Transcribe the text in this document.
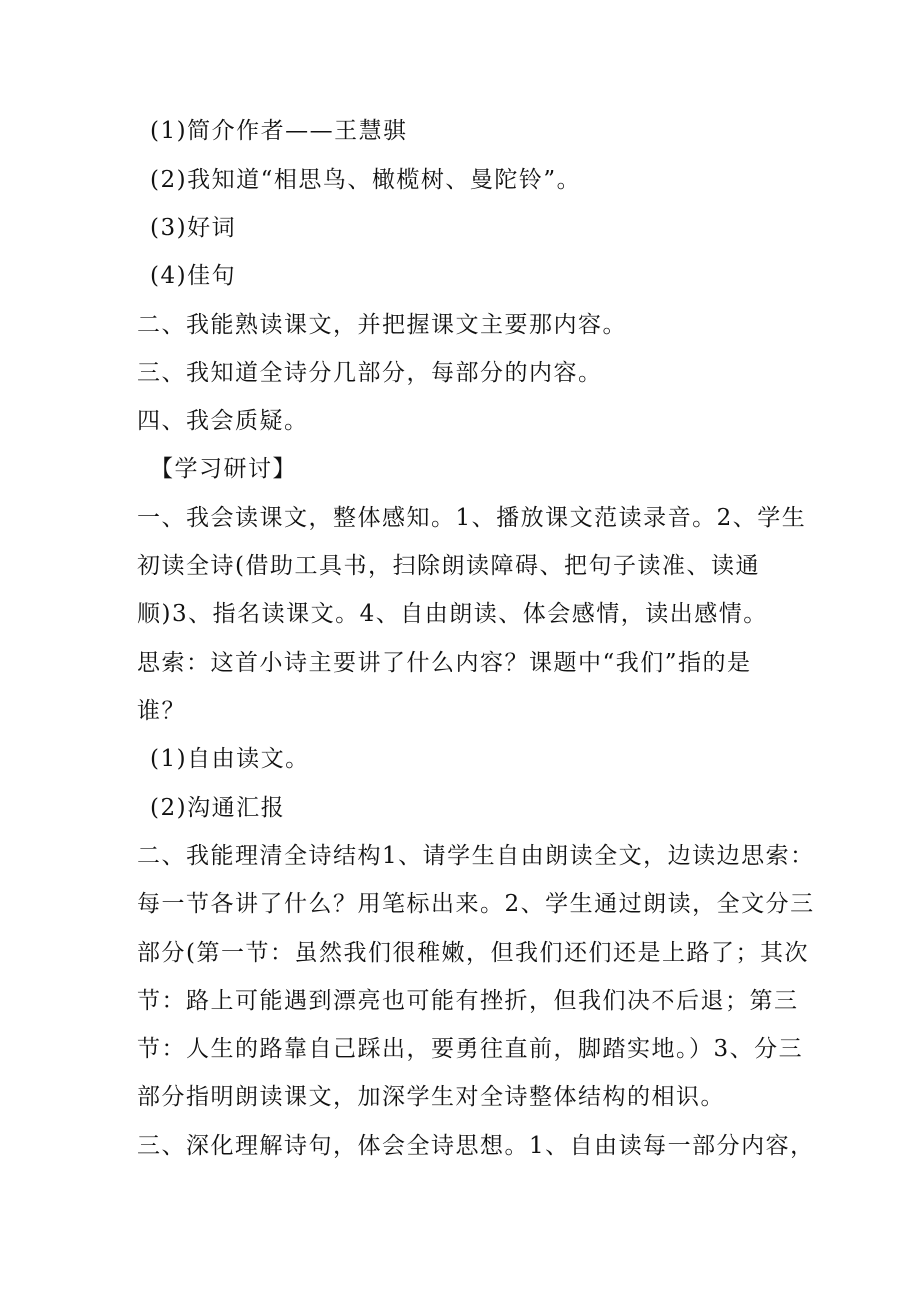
(1)简介作者——王慧骐
(2)我知道“相思鸟、橄榄树、曼陀铃”。
(3)好词
(4)佳句
二、我能熟读课文，并把握课文主要那内容。
三、我知道全诗分几部分，每部分的内容。
四、我会质疑。
【学习研讨】
一、我会读课文，整体感知。1、播放课文范读录音。2、学生
初读全诗(借助工具书，扫除朗读障碍、把句子读准、读通
顺)3、指名读课文。4、自由朗读、体会感情，读出感情。
思索：这首小诗主要讲了什么内容？课题中“我们”指的是
谁？
(1)自由读文。
(2)沟通汇报
二、我能理清全诗结构1、请学生自由朗读全文，边读边思索：
每一节各讲了什么？用笔标出来。2、学生通过朗读，全文分三
部分(第一节：虽然我们很稚嫩，但我们还们还是上路了；其次
节：路上可能遇到漂亮也可能有挫折，但我们决不后退；第三
节：人生的路靠自己踩出，要勇往直前，脚踏实地。）3、分三
部分指明朗读课文，加深学生对全诗整体结构的相识。
三、深化理解诗句，体会全诗思想。1、自由读每一部分内容，
